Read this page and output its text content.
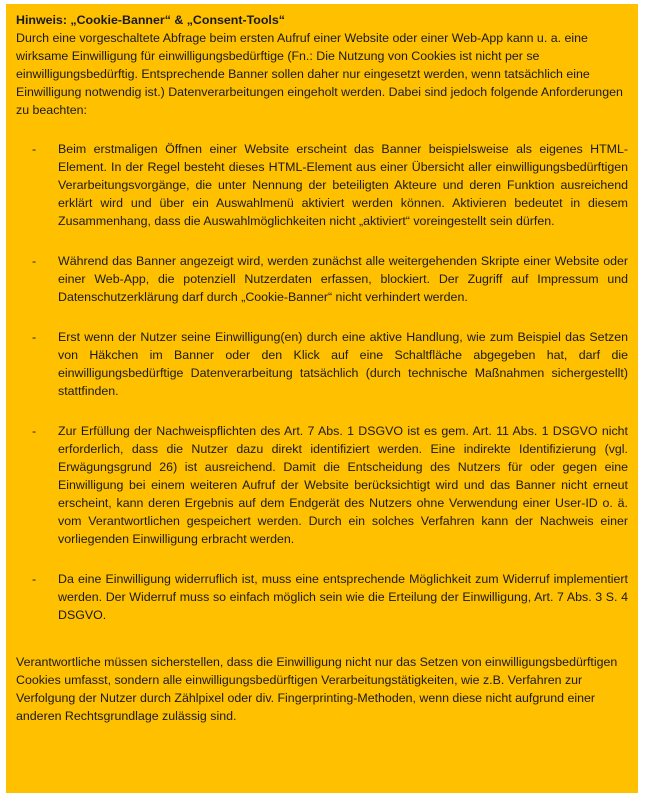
Hinweis: „Cookie-Banner“ & „Consent-Tools“

Durch eine vorgeschaltete Abfrage beim ersten Aufruf einer Website oder einer Web-App kann u. a. eine wirksame Einwilligung für einwilligungsbedürftige (Fn.: Die Nutzung von Cookies ist nicht per se einwilligungsbedürftig. Entsprechende Banner sollen daher nur eingesetzt werden, wenn tatsächlich eine Einwilligung notwendig ist.) Datenverarbeitungen eingeholt werden. Dabei sind jedoch folgende Anforderungen zu beachten:

- Beim erstmaligen Öffnen einer Website erscheint das Banner beispielsweise als eigenes HTML-Element. In der Regel besteht dieses HTML-Element aus einer Übersicht aller einwilligungsbedürftigen Verarbeitungsvorgänge, die unter Nennung der beteiligten Akteure und deren Funktion ausreichend erklärt wird und über ein Auswahlmenü aktiviert werden können. Aktivieren bedeutet in diesem Zusammenhang, dass die Auswahlmöglichkeiten nicht „aktiviert“ voreingestellt sein dürfen.
- Während das Banner angezeigt wird, werden zunächst alle weitergehenden Skripte einer Website oder einer Web-App, die potenziell Nutzerdaten erfassen, blockiert. Der Zugriff auf Impressum und Datenschutzerklärung darf durch „Cookie-Banner“ nicht verhindert werden.
- Erst wenn der Nutzer seine Einwilligung(en) durch eine aktive Handlung, wie zum Beispiel das Setzen von Häkchen im Banner oder den Klick auf eine Schaltfläche abgegeben hat, darf die einwilligungsbedürftige Datenverarbeitung tatsächlich (durch technische Maßnahmen sichergestellt) stattfinden.
- Zur Erfüllung der Nachweispflichten des Art. 7 Abs. 1 DSGVO ist es gem. Art. 11 Abs. 1 DSGVO nicht erforderlich, dass die Nutzer dazu direkt identifiziert werden. Eine indirekte Identifizierung (vgl. Erwägungsgrund 26) ist ausreichend. Damit die Entscheidung des Nutzers für oder gegen eine Einwilligung bei einem weiteren Aufruf der Website berücksichtigt wird und das Banner nicht erneut erscheint, kann deren Ergebnis auf dem Endgerät des Nutzers ohne Verwendung einer User-ID o. ä. vom Verantwortlichen gespeichert werden. Durch ein solches Verfahren kann der Nachweis einer vorliegenden Einwilligung erbracht werden.
- Da eine Einwilligung widerruflich ist, muss eine entsprechende Möglichkeit zum Widerruf implementiert werden. Der Widerruf muss so einfach möglich sein wie die Erteilung der Einwilligung, Art. 7 Abs. 3 S. 4 DSGVO.

Verantwortliche müssen sicherstellen, dass die Einwilligung nicht nur das Setzen von einwilligungsbedürftigen Cookies umfasst, sondern alle einwilligungsbedürftigen Verarbeitungstätigkeiten, wie z.B. Verfahren zur Verfolgung der Nutzer durch Zählpixel oder div. Fingerprinting-Methoden, wenn diese nicht aufgrund einer anderen Rechtsgrundlage zulässig sind.
